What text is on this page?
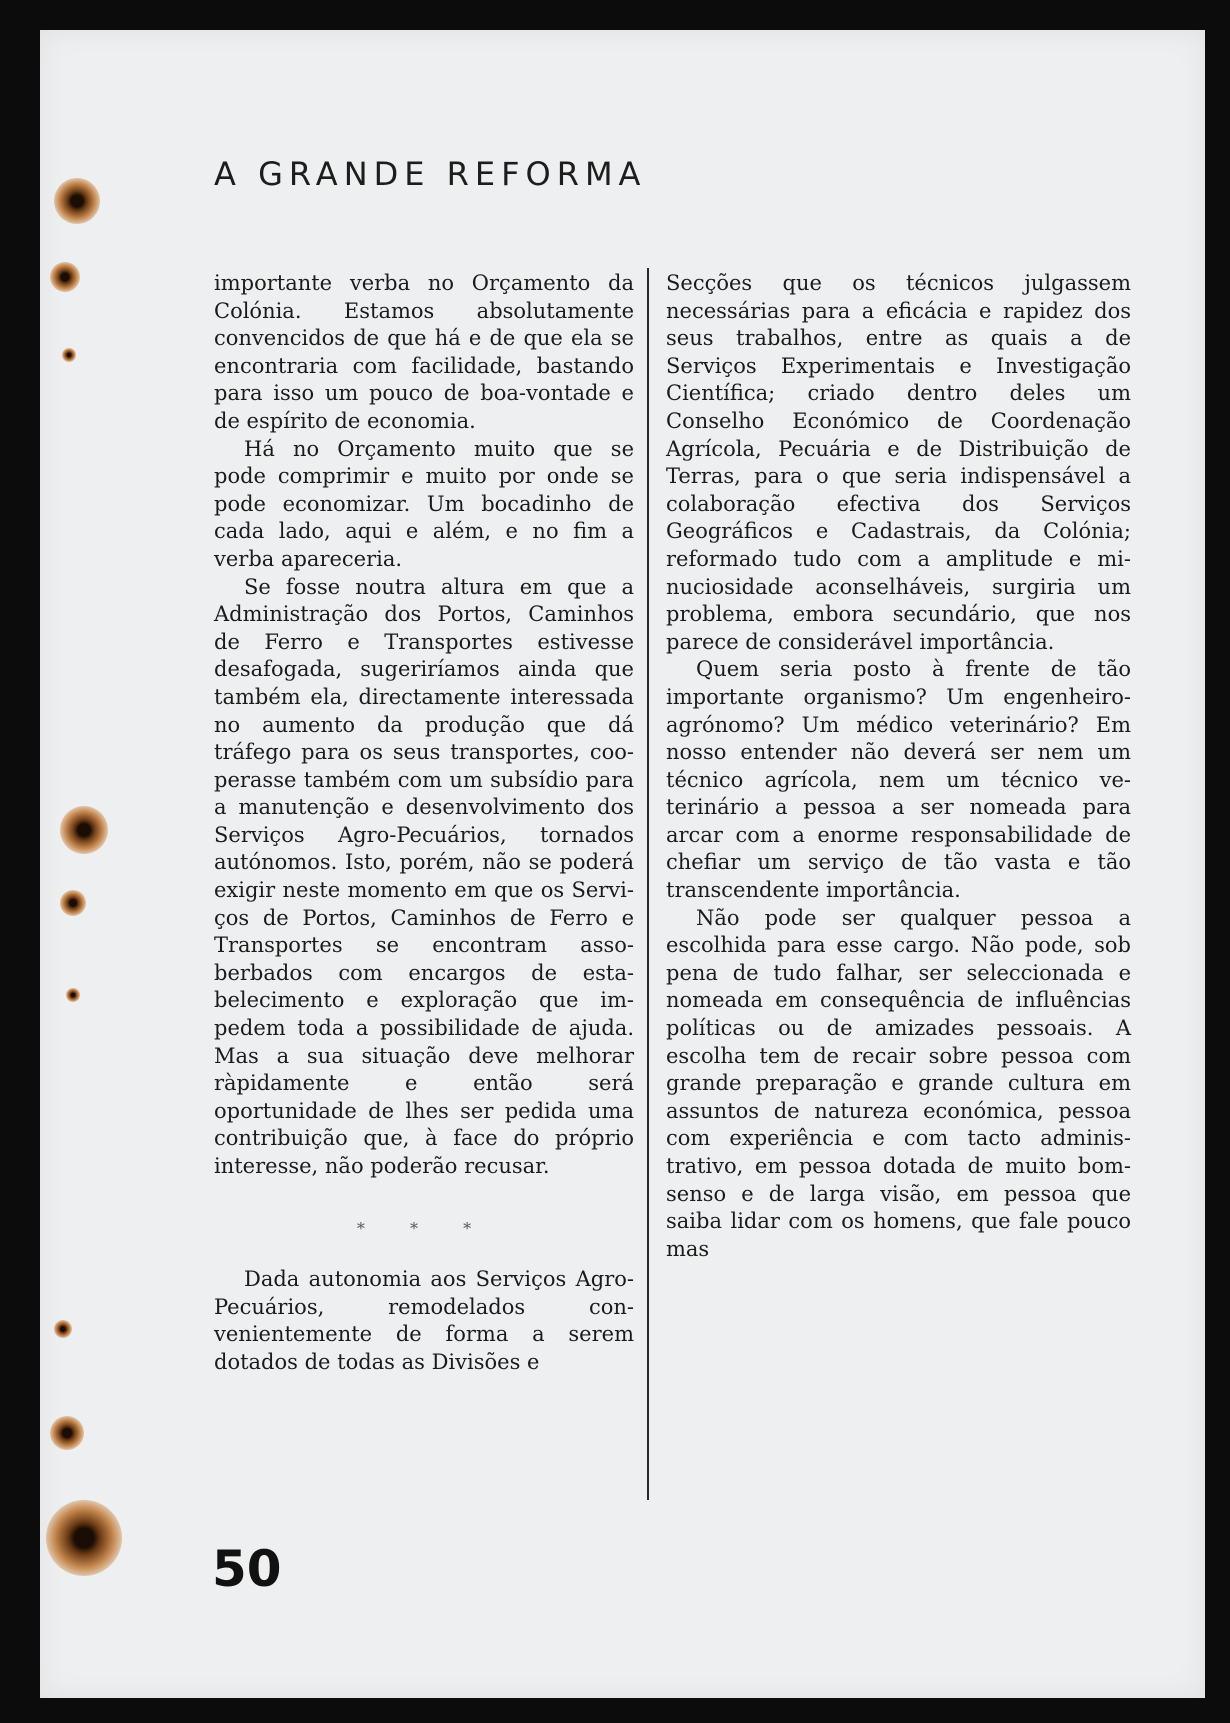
A GRANDE REFORMA

importante verba no Orçamento da Colónia. Estamos absolutamente convencidos de que há e de que ela se encontraria com facilidade, bastando para isso um pouco de boa-vontade e de espírito de economia.

Há no Orçamento muito que se pode comprimir e muito por onde se pode economizar. Um bocadinho de cada lado, aqui e além, e no fim a verba apareceria.

Se fosse noutra altura em que a Administração dos Portos, Caminhos de Ferro e Transportes estivesse desafogada, sugeriríamos ainda que também ela, directamente interessada no aumento da produção que dá tráfego para os seus transportes, cooperasse também com um subsídio para a manutenção e desenvolvimento dos Serviços Agro-Pecuários, tornados autónomos. Isto, porém, não se poderá exigir neste momento em que os Serviços de Portos, Caminhos de Ferro e Transportes se encontram assoberbados com encargos de estabelecimento e exploração que impedem toda a possibilidade de ajuda. Mas a sua situação deve melhorar ràpidamente e então será oportunidade de lhes ser pedida uma contribuição que, à face do próprio interesse, não poderão recusar.

* * *

Dada autonomia aos Serviços Agro-Pecuários, remodelados convenientemente de forma a serem dotados de todas as Divisões e

Secções que os técnicos julgassem necessárias para a eficácia e rapidez dos seus trabalhos, entre as quais a de Serviços Experimentais e Investigação Científica; criado dentro deles um Conselho Económico de Coordenação Agrícola, Pecuária e de Distribuição de Terras, para o que seria indispensável a colaboração efectiva dos Serviços Geográficos e Cadastrais, da Colónia; reformado tudo com a amplitude e minuciosidade aconselháveis, surgiria um problema, embora secundário, que nos parece de considerável importância.

Quem seria posto à frente de tão importante organismo? Um engenheiro-agrónomo? Um médico veterinário? Em nosso entender não deverá ser nem um técnico agrícola, nem um técnico veterinário a pessoa a ser nomeada para arcar com a enorme responsabilidade de chefiar um serviço de tão vasta e tão transcendente importância.

Não pode ser qualquer pessoa a escolhida para esse cargo. Não pode, sob pena de tudo falhar, ser seleccionada e nomeada em consequência de influências políticas ou de amizades pessoais. A escolha tem de recair sobre pessoa com grande preparação e grande cultura em assuntos de natureza económica, pessoa com experiência e com tacto administrativo, em pessoa dotada de muito bom-senso e de larga visão, em pessoa que saiba lidar com os homens, que fale pouco mas

50
